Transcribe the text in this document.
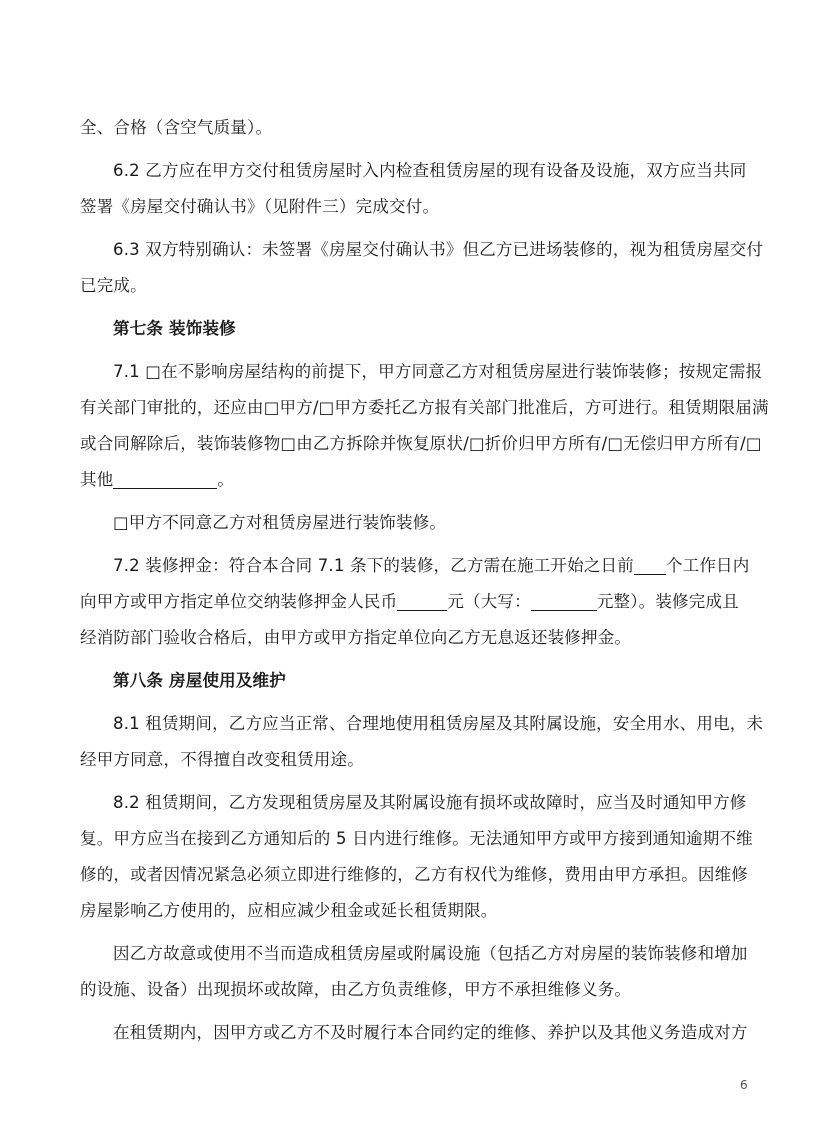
全、合格（含空气质量）。
6.2 乙方应在甲方交付租赁房屋时入内检查租赁房屋的现有设备及设施，双方应当共同
签署《房屋交付确认书》（见附件三）完成交付。
6.3 双方特别确认：未签署《房屋交付确认书》但乙方已进场装修的，视为租赁房屋交付
已完成。
第七条 装饰装修
7.1 □在不影响房屋结构的前提下，甲方同意乙方对租赁房屋进行装饰装修；按规定需报
有关部门审批的，还应由□甲方/□甲方委托乙方报有关部门批准后，方可进行。租赁期限届满
或合同解除后，装饰装修物□由乙方拆除并恢复原状/□折价归甲方所有/□无偿归甲方所有/□
其他	。
□甲方不同意乙方对租赁房屋进行装饰装修。
7.2 装修押金：符合本合同 7.1 条下的装修，乙方需在施工开始之日前 个工作日内
向甲方或甲方指定单位交纳装修押金人民币	元（大写：	元整）。装修完成且
经消防部门验收合格后，由甲方或甲方指定单位向乙方无息返还装修押金。
第八条 房屋使用及维护
8.1 租赁期间，乙方应当正常、合理地使用租赁房屋及其附属设施，安全用水、用电，未
经甲方同意，不得擅自改变租赁用途。
8.2 租赁期间，乙方发现租赁房屋及其附属设施有损坏或故障时，应当及时通知甲方修
复。甲方应当在接到乙方通知后的 5 日内进行维修。无法通知甲方或甲方接到通知逾期不维
修的，或者因情况紧急必须立即进行维修的，乙方有权代为维修，费用由甲方承担。因维修
房屋影响乙方使用的，应相应减少租金或延长租赁期限。
因乙方故意或使用不当而造成租赁房屋或附属设施（包括乙方对房屋的装饰装修和增加
的设施、设备）出现损坏或故障，由乙方负责维修，甲方不承担维修义务。
在租赁期内，因甲方或乙方不及时履行本合同约定的维修、养护以及其他义务造成对方
6
